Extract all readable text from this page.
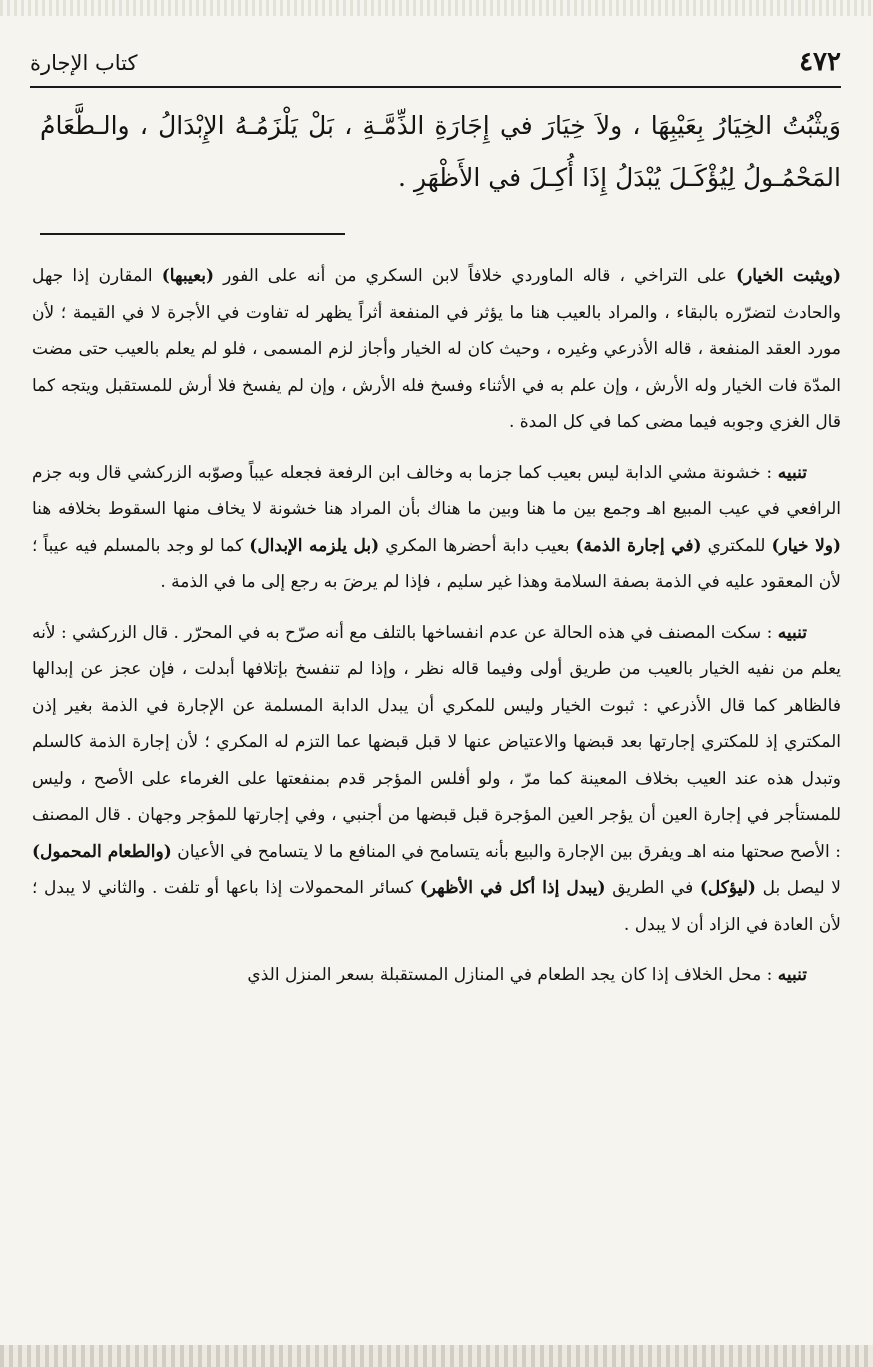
٤٧٢
كتاب الإجارة
وَيثْبُتُ الخِيَارُ بِعَيْبِهَا ، ولاَ خِيَارَ في إِجَارَةِ الذِّمَّـةِ ، بَلْ يَلْزَمُـهُ الإِبْدَالُ ، والـطَّعَامُ المَحْمُـولُ لِيُؤْكَـلَ يُبْدَلُ إِذَا أُكِـلَ في الأَظْهَرِ .

(ويثبت الخيار) على التراخي ، قاله الماوردي خلافاً لابن السكري من أنه على الفور (بعيبها) المقارن إذا جهل والحادث لتضرّره بالبقاء ، والمراد بالعيب هنا ما يؤثر في المنفعة أثراً يظهر له تفاوت في الأجرة لا في القيمة ؛ لأن مورد العقد المنفعة ، قاله الأذرعي وغيره ، وحيث كان له الخيار وأجاز لزم المسمى ، فلو لم يعلم بالعيب حتى مضت المدّة فات الخيار وله الأرش ، وإن علم به في الأثناء وفسخ فله الأرش ، وإن لم يفسخ فلا أرش للمستقبل ويتجه كما قال الغزي وجوبه فيما مضى كما في كل المدة .

تنبيه : خشونة مشي الدابة ليس بعيب كما جزما به وخالف ابن الرفعة فجعله عيباً وصوّبه الزركشي قال وبه جزم الرافعي في عيب المبيع اهـ وجمع بين ما هنا وبين ما هناك بأن المراد هنا خشونة لا يخاف منها السقوط بخلافه هنا (ولا خيار) للمكتري (في إجارة الذمة) بعيب دابة أحضرها المكري (بل يلزمه الإبدال) كما لو وجد بالمسلم فيه عيباً ؛ لأن المعقود عليه في الذمة بصفة السلامة وهذا غير سليم ، فإذا لم يرضَ به رجع إلى ما في الذمة .

تنبيه : سكت المصنف في هذه الحالة عن عدم انفساخها بالتلف مع أنه صرّح به في المحرّر . قال الزركشي : لأنه يعلم من نفيه الخيار بالعيب من طريق أولى وفيما قاله نظر ، وإذا لم تنفسخ بإتلافها أبدلت ، فإن عجز عن إبدالها فالظاهر كما قال الأذرعي : ثبوت الخيار وليس للمكري أن يبدل الدابة المسلمة عن الإجارة في الذمة بغير إذن المكتري إذ للمكتري إجارتها بعد قبضها والاعتياض عنها لا قبل قبضها عما التزم له المكري ؛ لأن إجارة الذمة كالسلم وتبدل هذه عند العيب بخلاف المعينة كما مرّ ، ولو أفلس المؤجر قدم بمنفعتها على الغرماء على الأصح ، وليس للمستأجر في إجارة العين أن يؤجر العين المؤجرة قبل قبضها من أجنبي ، وفي إجارتها للمؤجر وجهان . قال المصنف : الأصح صحتها منه اهـ ويفرق بين الإجارة والبيع بأنه يتسامح في المنافع ما لا يتسامح في الأعيان (والطعام المحمول) لا ليصل بل (ليؤكل) في الطريق (يبدل إذا أكل في الأظهر) كسائر المحمولات إذا باعها أو تلفت . والثاني لا يبدل ؛ لأن العادة في الزاد أن لا يبدل .

تنبيه : محل الخلاف إذا كان يجد الطعام في المنازل المستقبلة بسعر المنزل الذي
